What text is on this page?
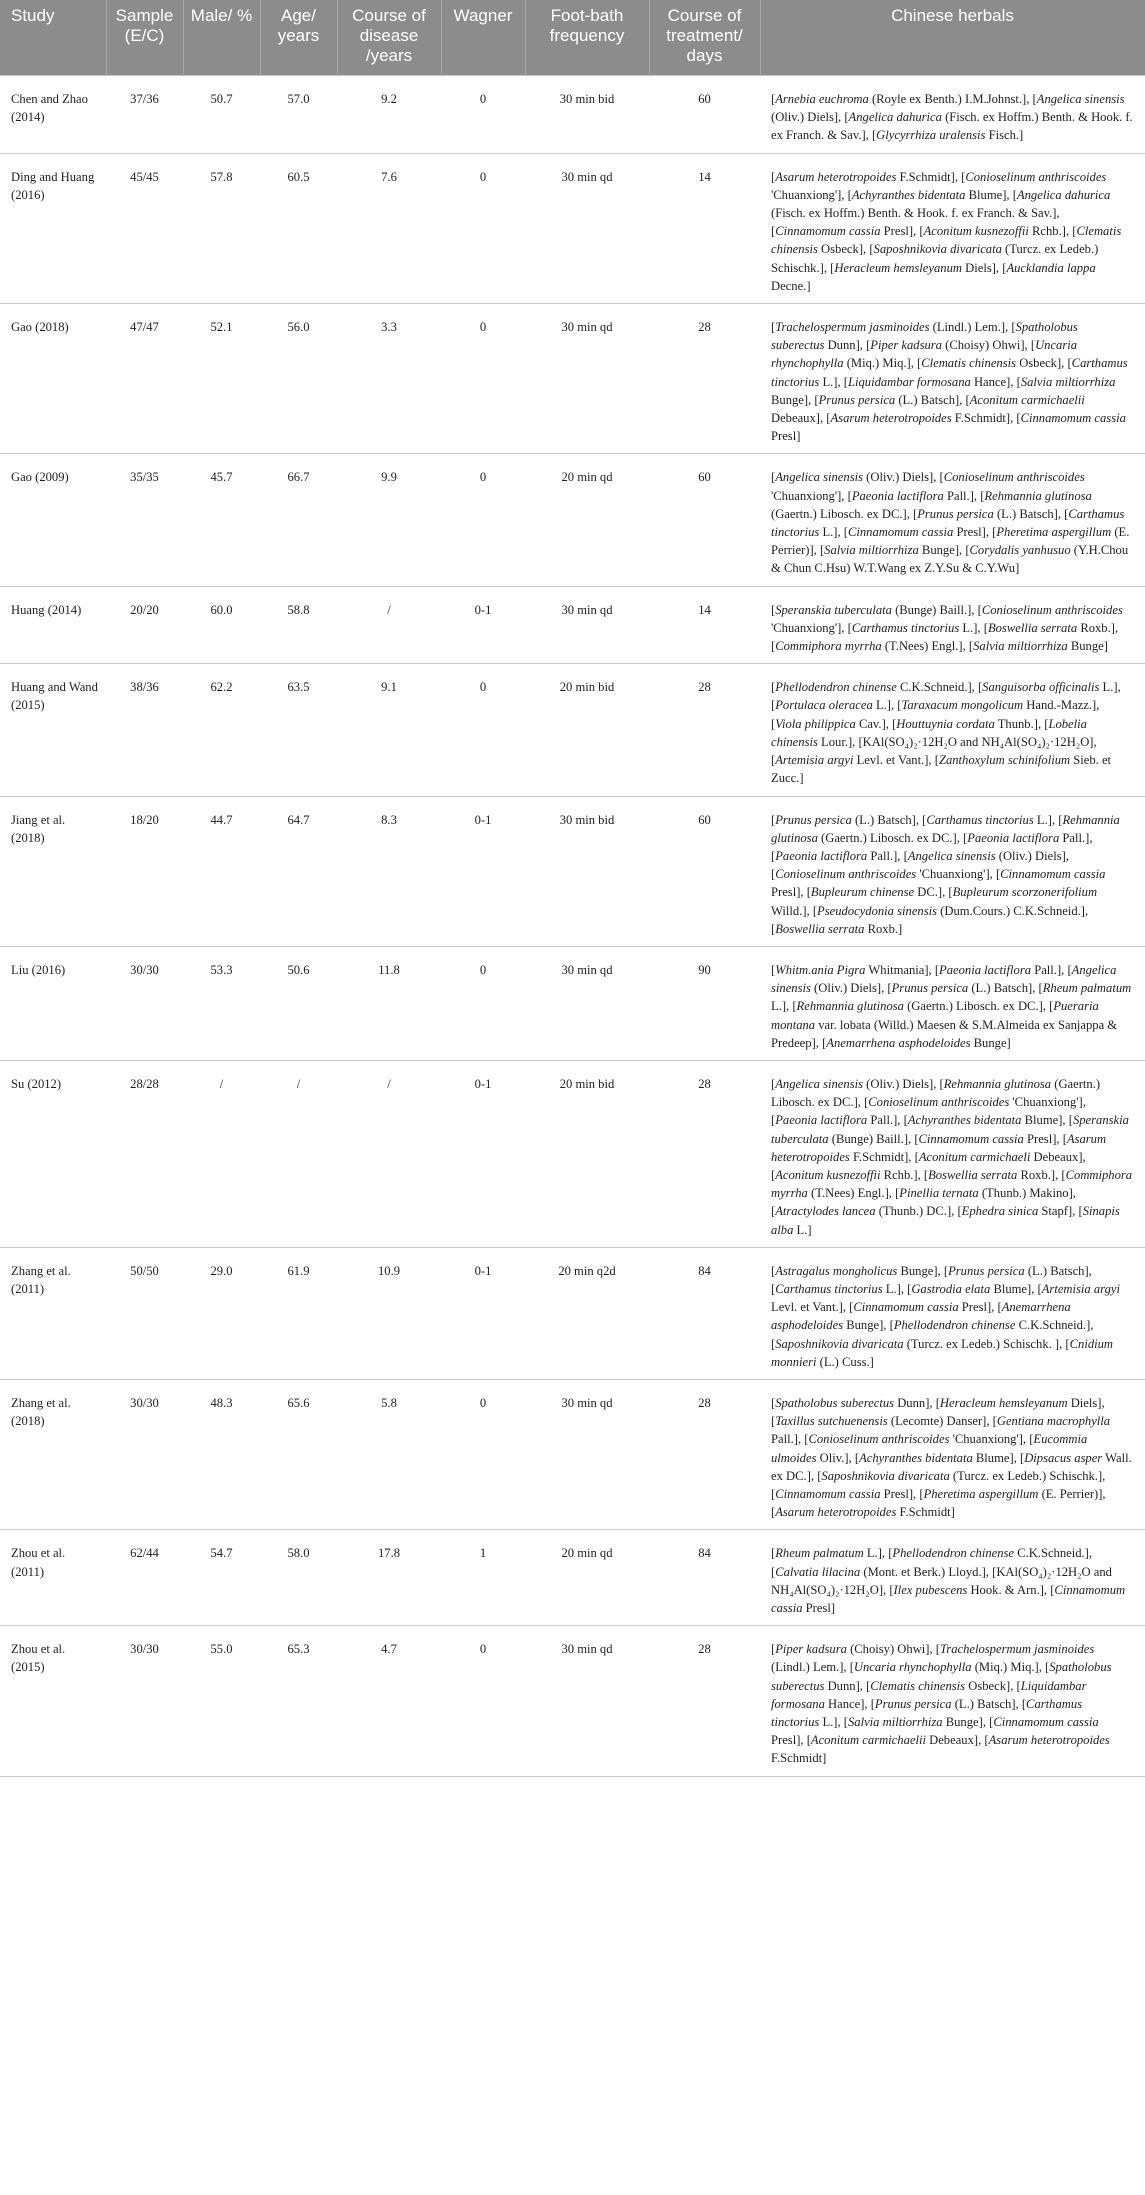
Study	Sample (E/C)	Male/ %	Age/ years	Course of disease /years	Wagner	Foot-bath frequency	Course of treatment/ days	Chinese herbals
Chen and Zhao (2014)	37/36	50.7	57.0	9.2	0	30 min bid	60	[Arnebia euchroma (Royle ex Benth.) I.M.Johnst.], [Angelica sinensis (Oliv.) Diels], [Angelica dahurica (Fisch. ex Hoffm.) Benth. & Hook. f. ex Franch. & Sav.], [Glycyrrhiza uralensis Fisch.]
Ding and Huang (2016)	45/45	57.8	60.5	7.6	0	30 min qd	14	[Asarum heterotropoides F.Schmidt], [Conioselinum anthriscoides 'Chuanxiong'], [Achyranthes bidentata Blume], [Angelica dahurica (Fisch. ex Hoffm.) Benth. & Hook. f. ex Franch. & Sav.], [Cinnamomum cassia Presl], [Aconitum kusnezoffii Rchb.], [Clematis chinensis Osbeck], [Saposhnikovia divaricata (Turcz. ex Ledeb.) Schischk.], [Heracleum hemsleyanum Diels], [Aucklandia lappa Decne.]
Gao (2018)	47/47	52.1	56.0	3.3	0	30 min qd	28	[Trachelospermum jasminoides (Lindl.) Lem.], [Spatholobus suberectus Dunn], [Piper kadsura (Choisy) Ohwi], [Uncaria rhynchophylla (Miq.) Miq.], [Clematis chinensis Osbeck], [Carthamus tinctorius L.], [Liquidambar formosana Hance], [Salvia miltiorrhiza Bunge], [Prunus persica (L.) Batsch], [Aconitum carmichaelii Debeaux], [Asarum heterotropoides F.Schmidt], [Cinnamomum cassia Presl]
Gao (2009)	35/35	45.7	66.7	9.9	0	20 min qd	60	[Angelica sinensis (Oliv.) Diels], [Conioselinum anthriscoides 'Chuanxiong'], [Paeonia lactiflora Pall.], [Rehmannia glutinosa (Gaertn.) Libosch. ex DC.], [Prunus persica (L.) Batsch], [Carthamus tinctorius L.], [Cinnamomum cassia Presl], [Pheretima aspergillum (E. Perrier)], [Salvia miltiorrhiza Bunge], [Corydalis yanhusuo (Y.H.Chou & Chun C.Hsu) W.T.Wang ex Z.Y.Su & C.Y.Wu]
Huang (2014)	20/20	60.0	58.8	/	0-1	30 min qd	14	[Speranskia tuberculata (Bunge) Baill.], [Conioselinum anthriscoides 'Chuanxiong'], [Carthamus tinctorius L.], [Boswellia serrata Roxb.], [Commiphora myrrha (T.Nees) Engl.], [Salvia miltiorrhiza Bunge]
Huang and Wand (2015)	38/36	62.2	63.5	9.1	0	20 min bid	28	[Phellodendron chinense C.K.Schneid.], [Sanguisorba officinalis L.], [Portulaca oleracea L.], [Taraxacum mongolicum Hand.-Mazz.], [Viola philippica Cav.], [Houttuynia cordata Thunb.], [Lobelia chinensis Lour.], [KAl(SO₄)₂·12H₂O and NH₄Al(SO₄)₂·12H₂O], [Artemisia argyi Levl. et Vant.], [Zanthoxylum schinifolium Sieb. et Zucc.]
Jiang et al. (2018)	18/20	44.7	64.7	8.3	0-1	30 min bid	60	[Prunus persica (L.) Batsch], [Carthamus tinctorius L.], [Rehmannia glutinosa (Gaertn.) Libosch. ex DC.], [Paeonia lactiflora Pall.], [Paeonia lactiflora Pall.], [Angelica sinensis (Oliv.) Diels], [Conioselinum anthriscoides 'Chuanxiong'], [Cinnamomum cassia Presl], [Bupleurum chinense DC.], [Bupleurum scorzonerifolium Willd.], [Pseudocydonia sinensis (Dum.Cours.) C.K.Schneid.], [Boswellia serrata Roxb.]
Liu (2016)	30/30	53.3	50.6	11.8	0	30 min qd	90	[Whitm.ania Pigra Whitmania], [Paeonia lactiflora Pall.], [Angelica sinensis (Oliv.) Diels], [Prunus persica (L.) Batsch], [Rheum palmatum L.], [Rehmannia glutinosa (Gaertn.) Libosch. ex DC.], [Pueraria montana var. lobata (Willd.) Maesen & S.M.Almeida ex Sanjappa & Predeep], [Anemarrhena asphodeloides Bunge]
Su (2012)	28/28	/	/	/	0-1	20 min bid	28	[Angelica sinensis (Oliv.) Diels], [Rehmannia glutinosa (Gaertn.) Libosch. ex DC.], [Conioselinum anthriscoides 'Chuanxiong'], [Paeonia lactiflora Pall.], [Achyranthes bidentata Blume], [Speranskia tuberculata (Bunge) Baill.], [Cinnamomum cassia Presl], [Asarum heterotropoides F.Schmidt], [Aconitum carmichaeli Debeaux], [Aconitum kusnezoffii Rchb.], [Boswellia serrata Roxb.], [Commiphora myrrha (T.Nees) Engl.], [Pinellia ternata (Thunb.) Makino], [Atractylodes lancea (Thunb.) DC.], [Ephedra sinica Stapf], [Sinapis alba L.]
Zhang et al. (2011)	50/50	29.0	61.9	10.9	0-1	20 min q2d	84	[Astragalus mongholicus Bunge], [Prunus persica (L.) Batsch], [Carthamus tinctorius L.], [Gastrodia elata Blume], [Artemisia argyi Levl. et Vant.], [Cinnamomum cassia Presl], [Anemarrhena asphodeloides Bunge], [Phellodendron chinense C.K.Schneid.], [Saposhnikovia divaricata (Turcz. ex Ledeb.) Schischk. ], [Cnidium monnieri (L.) Cuss.]
Zhang et al. (2018)	30/30	48.3	65.6	5.8	0	30 min qd	28	[Spatholobus suberectus Dunn], [Heracleum hemsleyanum Diels], [Taxillus sutchuenensis (Lecomte) Danser], [Gentiana macrophylla Pall.], [Conioselinum anthriscoides 'Chuanxiong'], [Eucommia ulmoides Oliv.], [Achyranthes bidentata Blume], [Dipsacus asper Wall. ex DC.], [Saposhnikovia divaricata (Turcz. ex Ledeb.) Schischk.], [Cinnamomum cassia Presl], [Pheretima aspergillum (E. Perrier)], [Asarum heterotropoides F.Schmidt]
Zhou et al. (2011)	62/44	54.7	58.0	17.8	1	20 min qd	84	[Rheum palmatum L.], [Phellodendron chinense C.K.Schneid.], [Calvatia lilacina (Mont. et Berk.) Lloyd.], [KAl(SO₄)₂·12H₂O and NH₄Al(SO₄)₂·12H₂O], [Ilex pubescens Hook. & Arn.], [Cinnamomum cassia Presl]
Zhou et al. (2015)	30/30	55.0	65.3	4.7	0	30 min qd	28	[Piper kadsura (Choisy) Ohwi], [Trachelospermum jasminoides (Lindl.) Lem.], [Uncaria rhynchophylla (Miq.) Miq.], [Spatholobus suberectus Dunn], [Clematis chinensis Osbeck], [Liquidambar formosana Hance], [Prunus persica (L.) Batsch], [Carthamus tinctorius L.], [Salvia miltiorrhiza Bunge], [Cinnamomum cassia Presl], [Aconitum carmichaelii Debeaux], [Asarum heterotropoides F.Schmidt]
